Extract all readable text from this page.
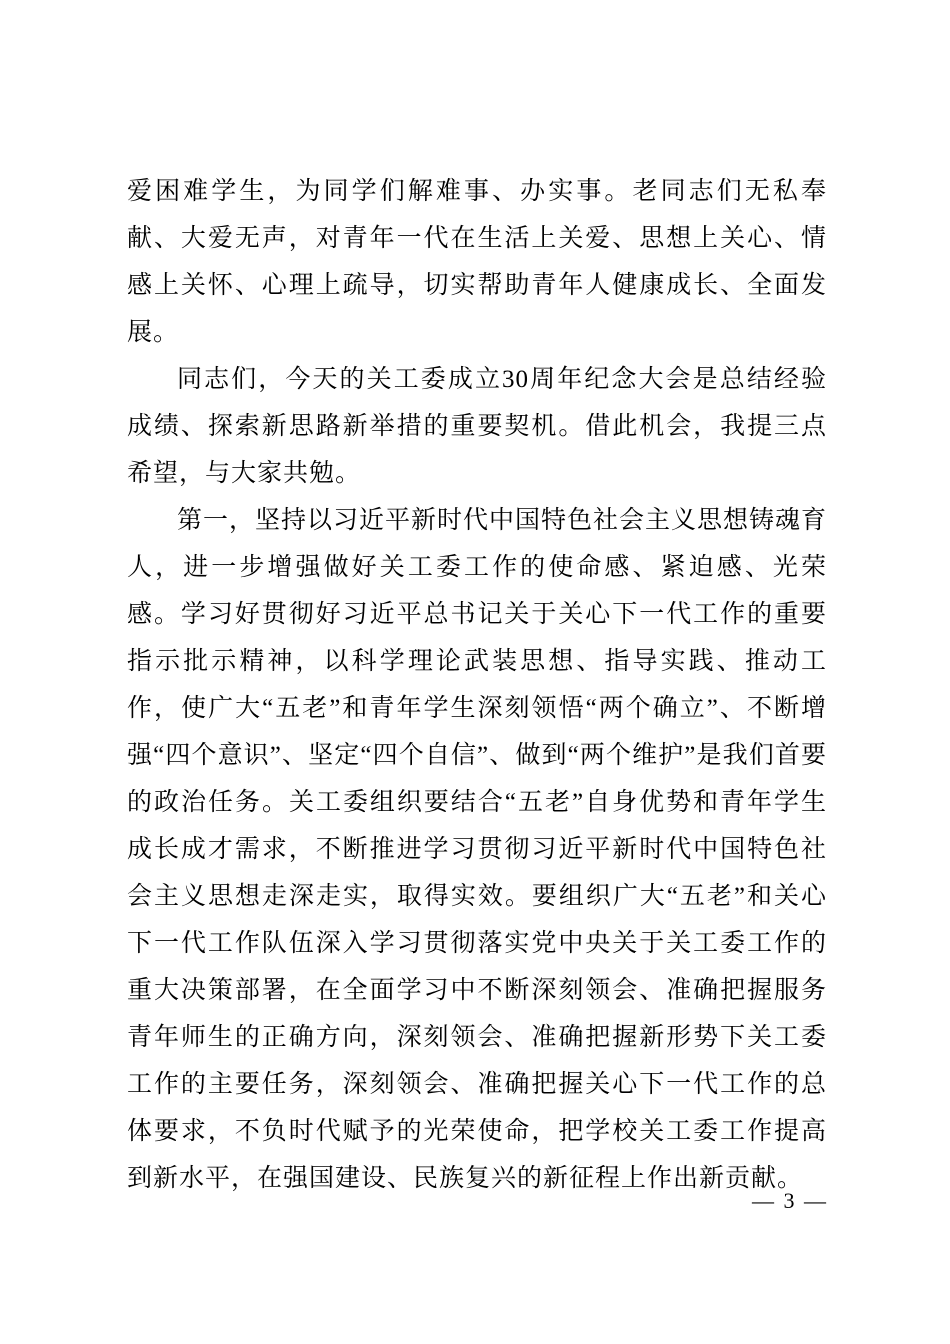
爱困难学生，为同学们解难事、办实事。老同志们无私奉献、大爱无声，对青年一代在生活上关爱、思想上关心、情感上关怀、心理上疏导，切实帮助青年人健康成长、全面发展。

同志们，今天的关工委成立30周年纪念大会是总结经验成绩、探索新思路新举措的重要契机。借此机会，我提三点希望，与大家共勉。

第一，坚持以习近平新时代中国特色社会主义思想铸魂育人，进一步增强做好关工委工作的使命感、紧迫感、光荣感。学习好贯彻好习近平总书记关于关心下一代工作的重要指示批示精神，以科学理论武装思想、指导实践、推动工作，使广大“五老”和青年学生深刻领悟“两个确立”、不断增强“四个意识”、坚定“四个自信”、做到“两个维护”是我们首要的政治任务。关工委组织要结合“五老”自身优势和青年学生成长成才需求，不断推进学习贯彻习近平新时代中国特色社会主义思想走深走实，取得实效。要组织广大“五老”和关心下一代工作队伍深入学习贯彻落实党中央关于关工委工作的重大决策部署，在全面学习中不断深刻领会、准确把握服务青年师生的正确方向，深刻领会、准确把握新形势下关工委工作的主要任务，深刻领会、准确把握关心下一代工作的总体要求，不负时代赋予的光荣使命，把学校关工委工作提高到新水平，在强国建设、民族复兴的新征程上作出新贡献。

— 3 —
